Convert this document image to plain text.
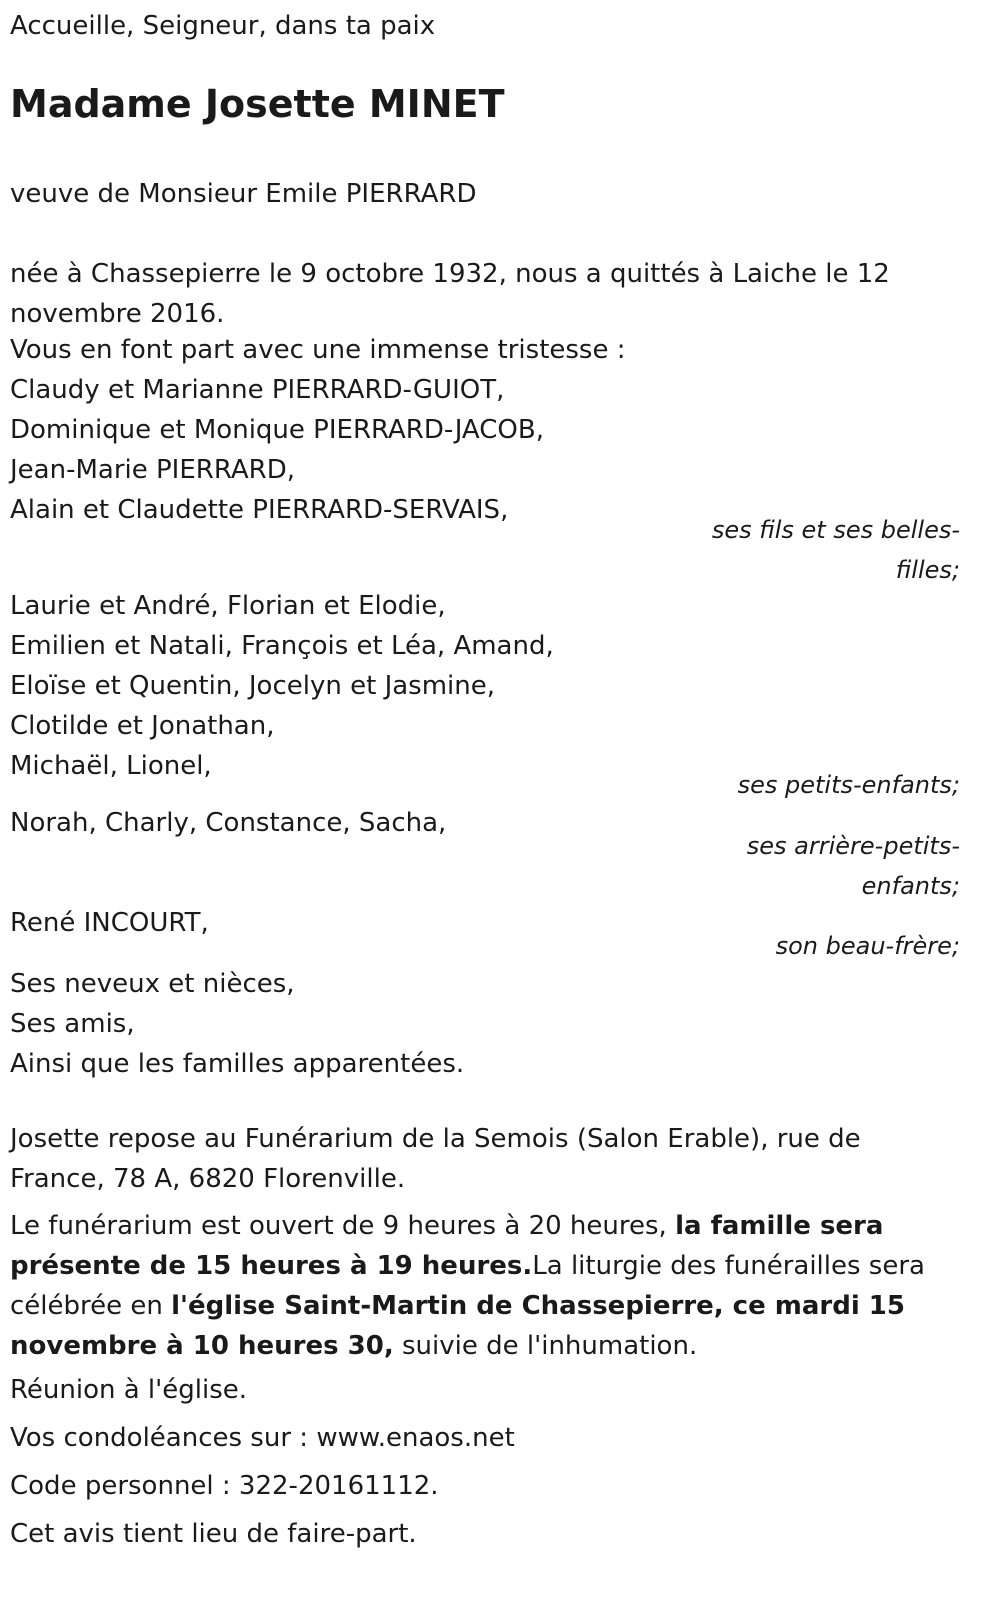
Accueille, Seigneur, dans ta paix
Madame Josette MINET
veuve de Monsieur Emile PIERRARD
née à Chassepierre le 9 octobre 1932, nous a quittés à Laiche le 12 novembre 2016.
Vous en font part avec une immense tristesse :
Claudy et Marianne PIERRARD-GUIOT,
Dominique et Monique PIERRARD-JACOB,
Jean-Marie PIERRARD,
Alain et Claudette PIERRARD-SERVAIS,
ses fils et ses belles-
filles;
Laurie et André, Florian et Elodie,
Emilien et Natali, François et Léa, Amand,
Eloïse et Quentin, Jocelyn et Jasmine,
Clotilde et Jonathan,
Michaël, Lionel,
ses petits-enfants;
Norah, Charly, Constance, Sacha,
ses arrière-petits-
enfants;
René INCOURT,
son beau-frère;
Ses neveux et nièces,
Ses amis,
Ainsi que les familles apparentées.
Josette repose au Funérarium de la Semois (Salon Erable), rue de France, 78 A, 6820 Florenville.
Le funérarium est ouvert de 9 heures à 20 heures, la famille sera présente de 15 heures à 19 heures.La liturgie des funérailles sera célébrée en l'église Saint-Martin de Chassepierre, ce mardi 15 novembre à 10 heures 30, suivie de l'inhumation.
Réunion à l'église.
Vos condoléances sur : www.enaos.net
Code personnel : 322-20161112.
Cet avis tient lieu de faire-part.
